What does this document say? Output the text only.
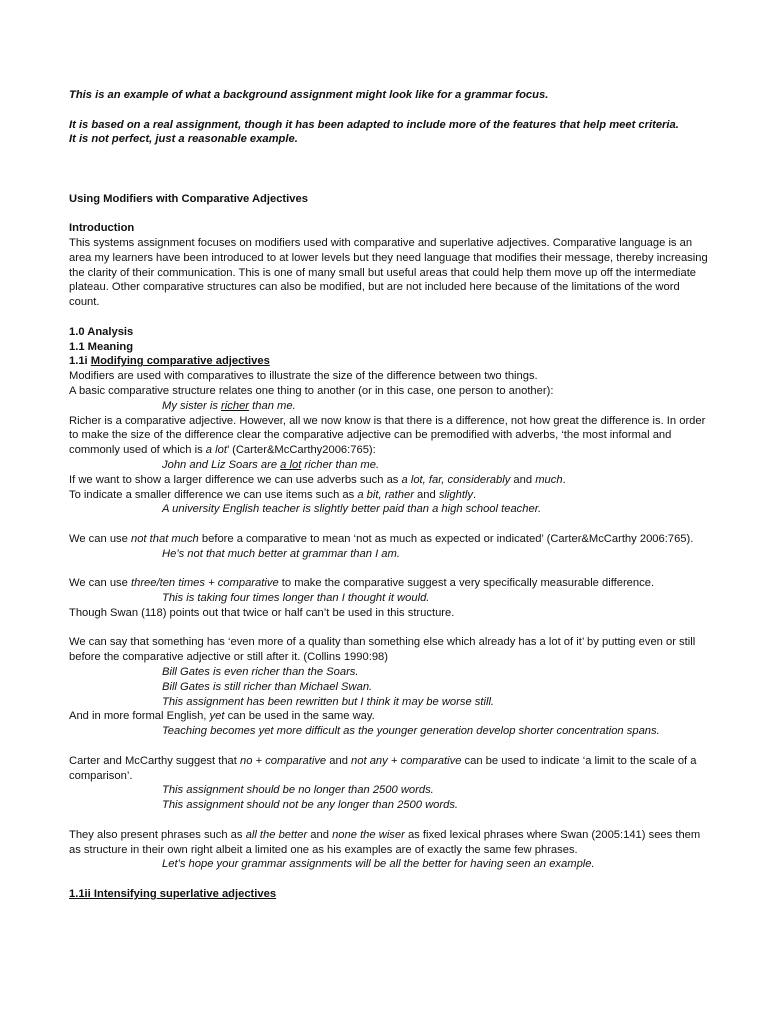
This is an example of what a background assignment might look like for a grammar focus.

It is based on a real assignment, though it has been adapted to include more of the features that help meet criteria.

It is not perfect, just a reasonable example.

Using Modifiers with Comparative Adjectives

Introduction

This systems assignment focuses on modifiers used with comparative and superlative adjectives. Comparative language is an area my learners have been introduced to at lower levels but they need language that modifies their message, thereby increasing the clarity of their communication. This is one of many small but useful areas that could help them move up off the intermediate plateau. Other comparative structures can also be modified, but are not included here because of the limitations of the word count.

1.0 Analysis

1.1 Meaning

1.1i Modifying comparative adjectives

Modifiers are used with comparatives to illustrate the size of the difference between two things.

A basic comparative structure relates one thing to another (or in this case, one person to another):

My sister is richer than me.

Richer is a comparative adjective. However, all we now know is that there is a difference, not how great the difference is. In order to make the size of the difference clear the comparative adjective can be premodified with adverbs, ‘the most informal and commonly used of which is a lot’ (Carter&McCarthy2006:765):

John and Liz Soars are a lot richer than me.

If we want to show a larger difference we can use adverbs such as a lot, far, considerably and much.

To indicate a smaller difference we can use items such as a bit, rather and slightly.

A university English teacher is slightly better paid than a high school teacher.

We can use not that much before a comparative to mean ‘not as much as expected or indicated’ (Carter&McCarthy 2006:765).

He’s not that much better at grammar than I am.

We can use three/ten times + comparative to make the comparative suggest a very specifically measurable difference.

This is taking four times longer than I thought it would.

Though Swan (118) points out that twice or half can’t be used in this structure.

We can say that something has ‘even more of a quality than something else which already has a lot of it’ by putting even or still before the comparative adjective or still after it. (Collins 1990:98)

Bill Gates is even richer than the Soars.

Bill Gates is still richer than Michael Swan.

This assignment has been rewritten but I think it may be worse still.

And in more formal English, yet can be used in the same way.

Teaching becomes yet more difficult as the younger generation develop shorter concentration spans.

Carter and McCarthy suggest that no + comparative and not any + comparative can be used to indicate ‘a limit to the scale of a comparison’.

This assignment should be no longer than 2500 words.

This assignment should not be any longer than 2500 words.

They also present phrases such as all the better and none the wiser as fixed lexical phrases where Swan (2005:141) sees them as structure in their own right albeit a limited one as his examples are of exactly the same few phrases.

Let’s hope your grammar assignments will be all the better for having seen an example.

1.1ii Intensifying superlative adjectives
